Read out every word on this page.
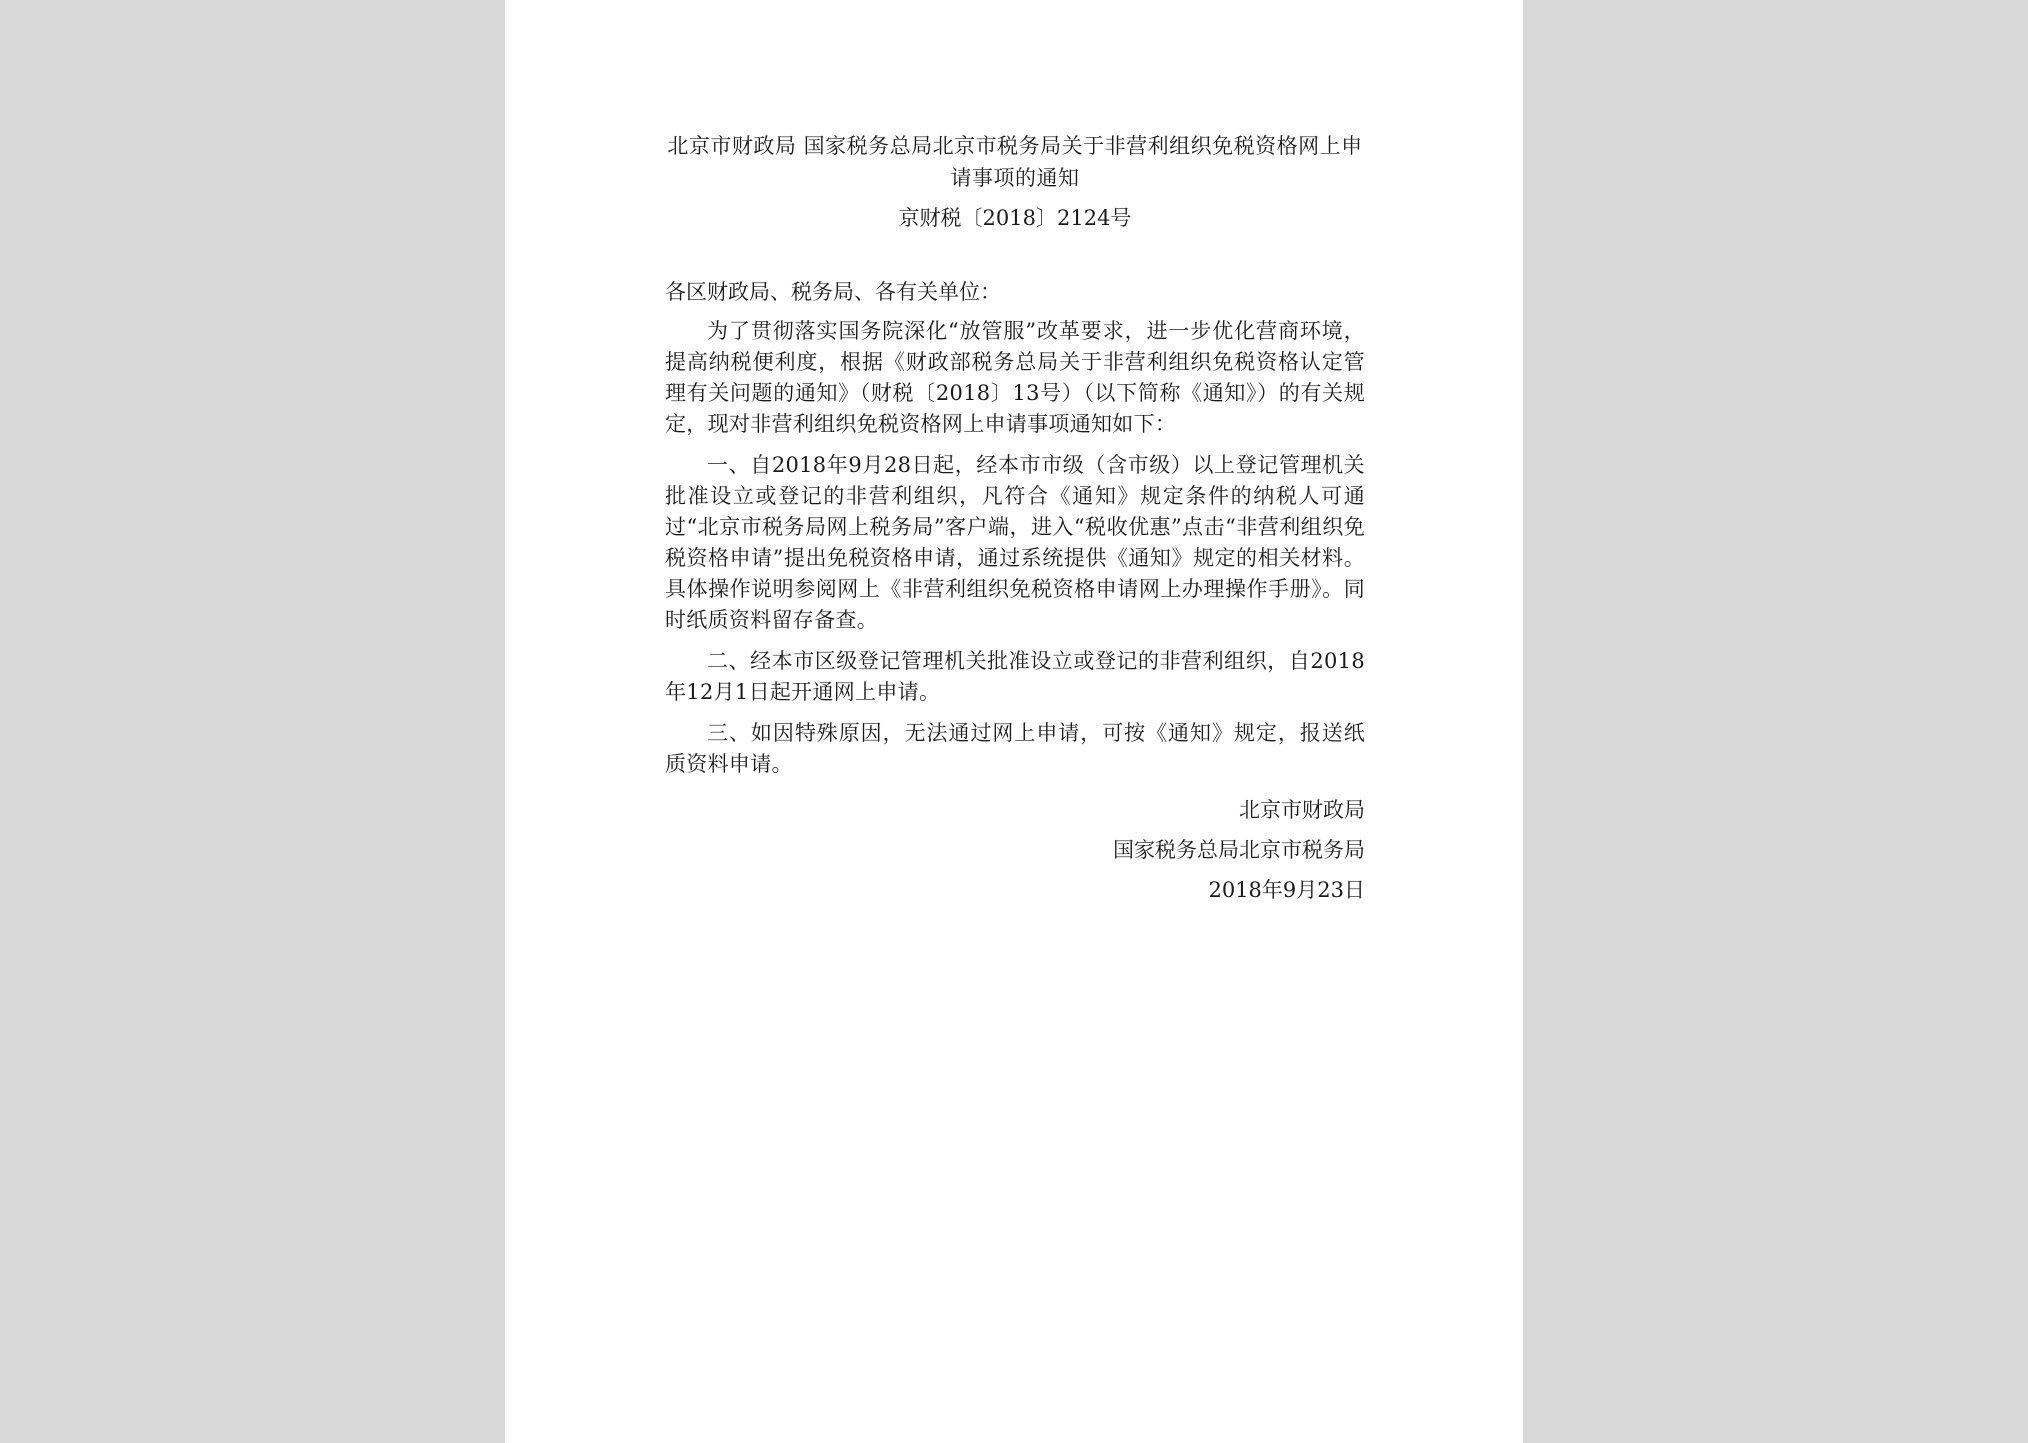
北京市财政局 国家税务总局北京市税务局关于非营利组织免税资格网上申请事项的通知

京财税〔2018〕2124号

各区财政局、税务局、各有关单位：

为了贯彻落实国务院深化“放管服”改革要求，进一步优化营商环境，提高纳税便利度，根据《财政部税务总局关于非营利组织免税资格认定管理有关问题的通知》（财税〔2018〕13号）（以下简称《通知》）的有关规定，现对非营利组织免税资格网上申请事项通知如下：

一、自2018年9月28日起，经本市市级（含市级）以上登记管理机关批准设立或登记的非营利组织，凡符合《通知》规定条件的纳税人可通过“北京市税务局网上税务局”客户端，进入“税收优惠”点击“非营利组织免税资格申请”提出免税资格申请，通过系统提供《通知》规定的相关材料。具体操作说明参阅网上《非营利组织免税资格申请网上办理操作手册》。同时纸质资料留存备查。

二、经本市区级登记管理机关批准设立或登记的非营利组织，自2018年12月1日起开通网上申请。

三、如因特殊原因，无法通过网上申请，可按《通知》规定，报送纸质资料申请。

北京市财政局
国家税务总局北京市税务局
2018年9月23日
